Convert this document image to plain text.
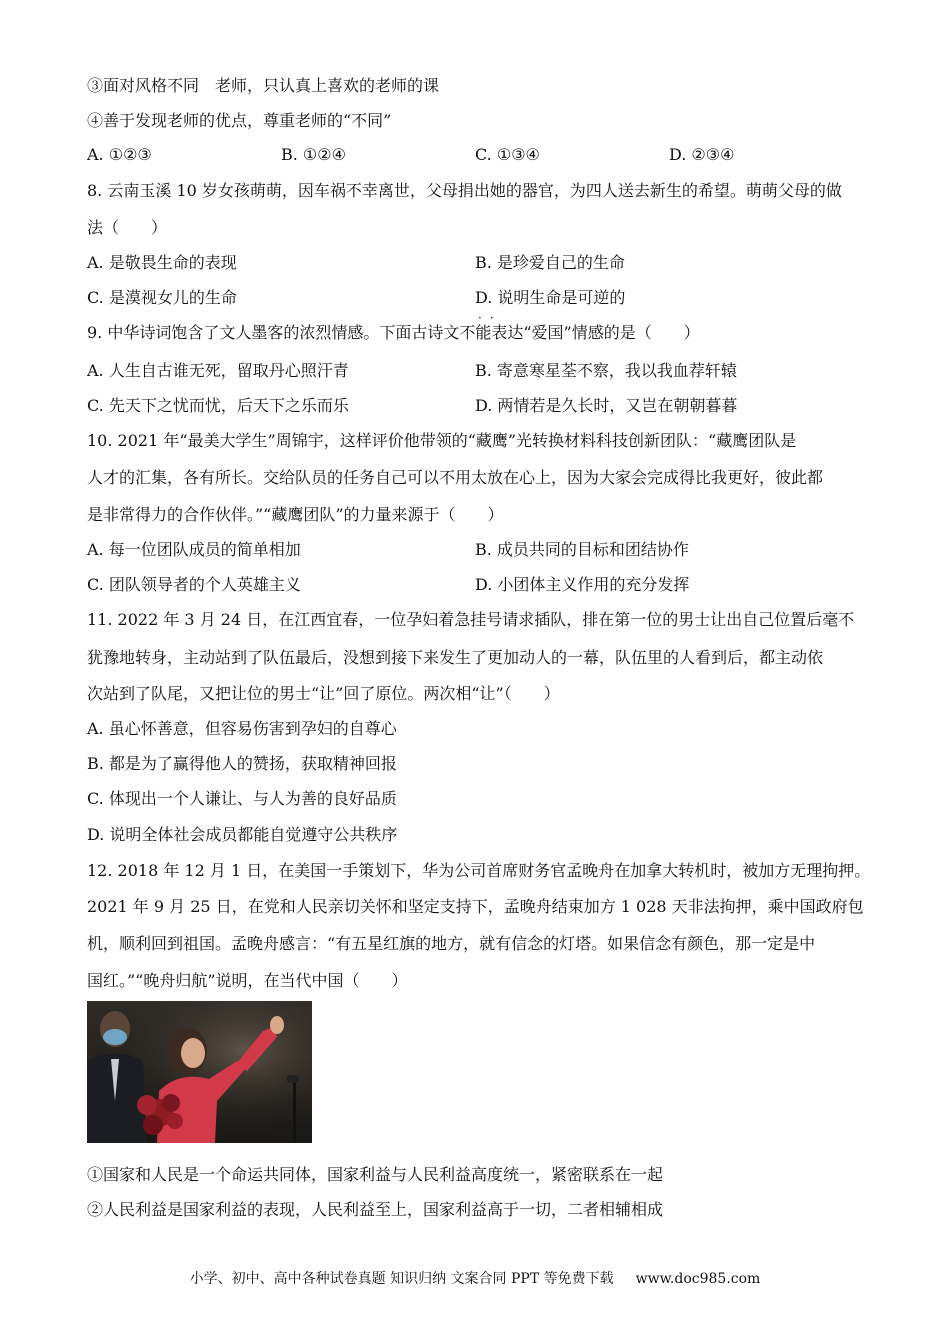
③面对风格不同　老师，只认真上喜欢的老师的课
④善于发现老师的优点，尊重老师的“不同”
A. ①②③	B. ①②④	C. ①③④	D. ②③④
8. 云南玉溪 10 岁女孩萌萌，因车祸不幸离世，父母捐出她的器官，为四人送去新生的希望。萌萌父母的做
法（　　）
A. 是敬畏生命的表现	B. 是珍爱自己的生命
C. 是漠视女儿的生命	D. 说明生命是可逆的
··
9. 中华诗词饱含了文人墨客的浓烈情感。下面古诗文不能表达“爱国”情感的是（　　）
A. 人生自古谁无死，留取丹心照汗青	B. 寄意寒星荃不察，我以我血荐轩辕
C. 先天下之忧而忧，后天下之乐而乐	D. 两情若是久长时，又岂在朝朝暮暮
10. 2021 年“最美大学生”周锦宇，这样评价他带领的“藏鹰”光转换材料科技创新团队：“藏鹰团队是
人才的汇集，各有所长。交给队员的任务自己可以不用太放在心上，因为大家会完成得比我更好，彼此都
是非常得力的合作伙伴。”“藏鹰团队”的力量来源于（　　）
A. 每一位团队成员的简单相加	B. 成员共同的目标和团结协作
C. 团队领导者的个人英雄主义	D. 小团体主义作用的充分发挥
11. 2022 年 3 月 24 日，在江西宜春，一位孕妇着急挂号请求插队，排在第一位的男士让出自己位置后毫不
犹豫地转身，主动站到了队伍最后，没想到接下来发生了更加动人的一幕，队伍里的人看到后，都主动依
次站到了队尾，又把让位的男士“让”回了原位。两次相“让”（　　）
A. 虽心怀善意，但容易伤害到孕妇的自尊心
B. 都是为了赢得他人的赞扬，获取精神回报
C. 体现出一个人谦让、与人为善的良好品质
D. 说明全体社会成员都能自觉遵守公共秩序
12. 2018 年 12 月 1 日，在美国一手策划下，华为公司首席财务官孟晚舟在加拿大转机时，被加方无理拘押。
2021 年 9 月 25 日，在党和人民亲切关怀和坚定支持下，孟晚舟结束加方 1 028 天非法拘押，乘中国政府包
机，顺利回到祖国。孟晚舟感言：“有五星红旗的地方，就有信念的灯塔。如果信念有颜色，那一定是中
国红。”“晚舟归航”说明，在当代中国（　　）
①国家和人民是一个命运共同体，国家利益与人民利益高度统一，紧密联系在一起
②人民利益是国家利益的表现，人民利益至上，国家利益高于一切，二者相辅相成
小学、初中、高中各种试卷真题 知识归纳 文案合同 PPT 等免费下载 www.doc985.com
